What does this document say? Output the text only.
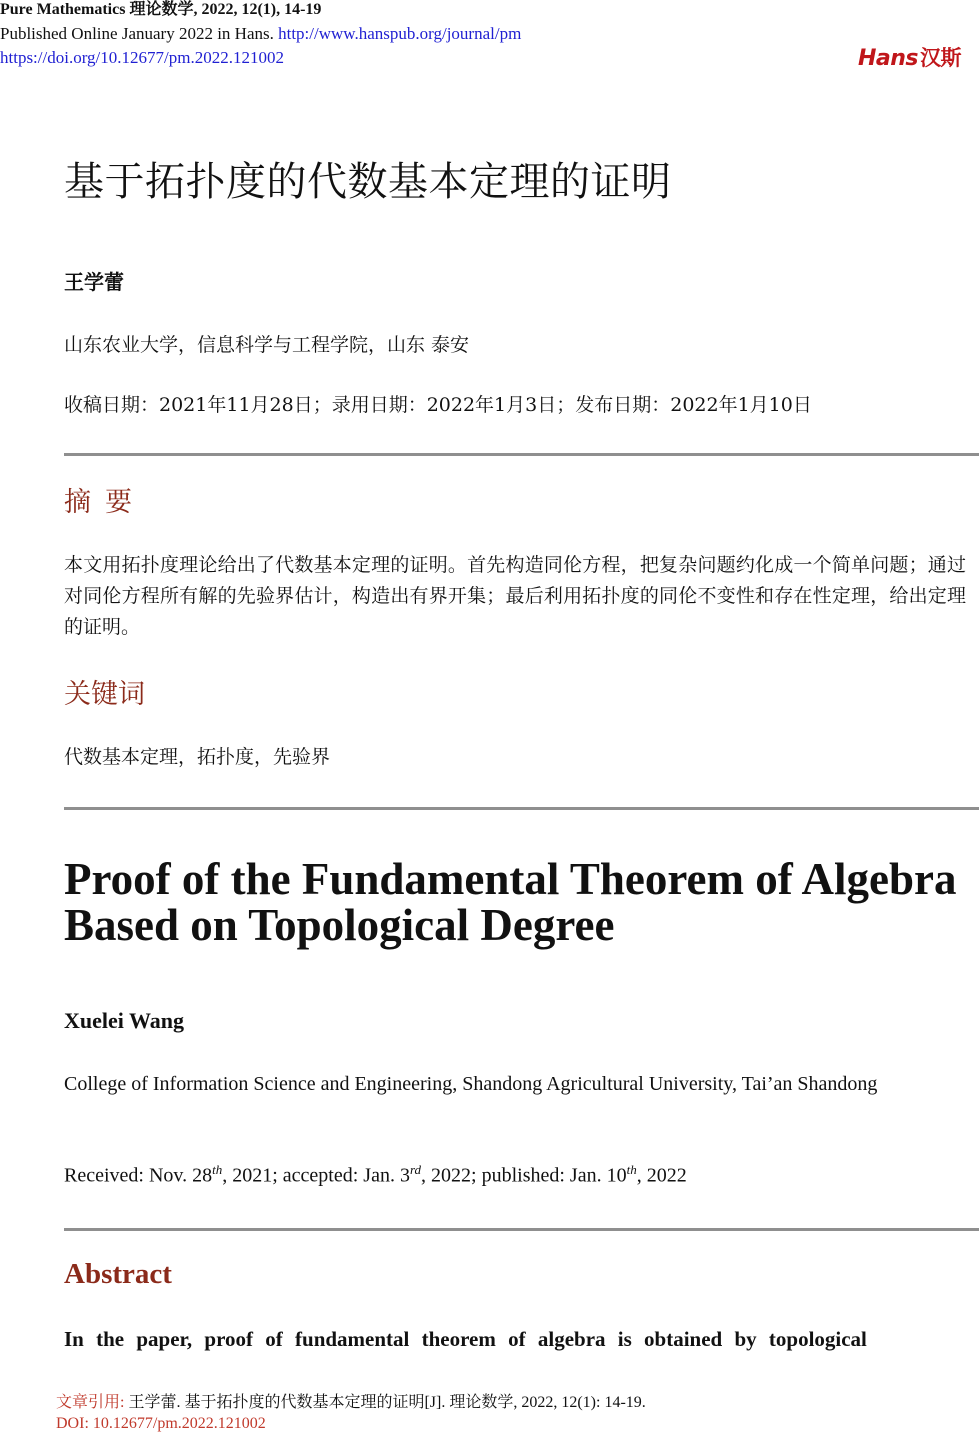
Pure Mathematics 理论数学, 2022, 12(1), 14-19
Published Online January 2022 in Hans. http://www.hanspub.org/journal/pm
https://doi.org/10.12677/pm.2022.121002	Hans汉斯
基于拓扑度的代数基本定理的证明
王学蕾
山东农业大学，信息科学与工程学院，山东 泰安
收稿日期：2021年11月28日；录用日期：2022年1月3日；发布日期：2022年1月10日
摘要
本文用拓扑度理论给出了代数基本定理的证明。首先构造同伦方程，把复杂问题约化成一个简单问题；通过对同伦方程所有解的先验界估计，构造出有界开集；最后利用拓扑度的同伦不变性和存在性定理，给出定理的证明。
关键词
代数基本定理，拓扑度，先验界
Proof of the Fundamental Theorem of Algebra Based on Topological Degree
Xuelei Wang
College of Information Science and Engineering, Shandong Agricultural University, Tai’an Shandong
Received: Nov. 28th, 2021; accepted: Jan. 3rd, 2022; published: Jan. 10th, 2022
Abstract
In the paper, proof of fundamental theorem of algebra is obtained by topological
文章引用: 王学蕾. 基于拓扑度的代数基本定理的证明[J]. 理论数学, 2022, 12(1): 14-19.
DOI: 10.12677/pm.2022.121002
